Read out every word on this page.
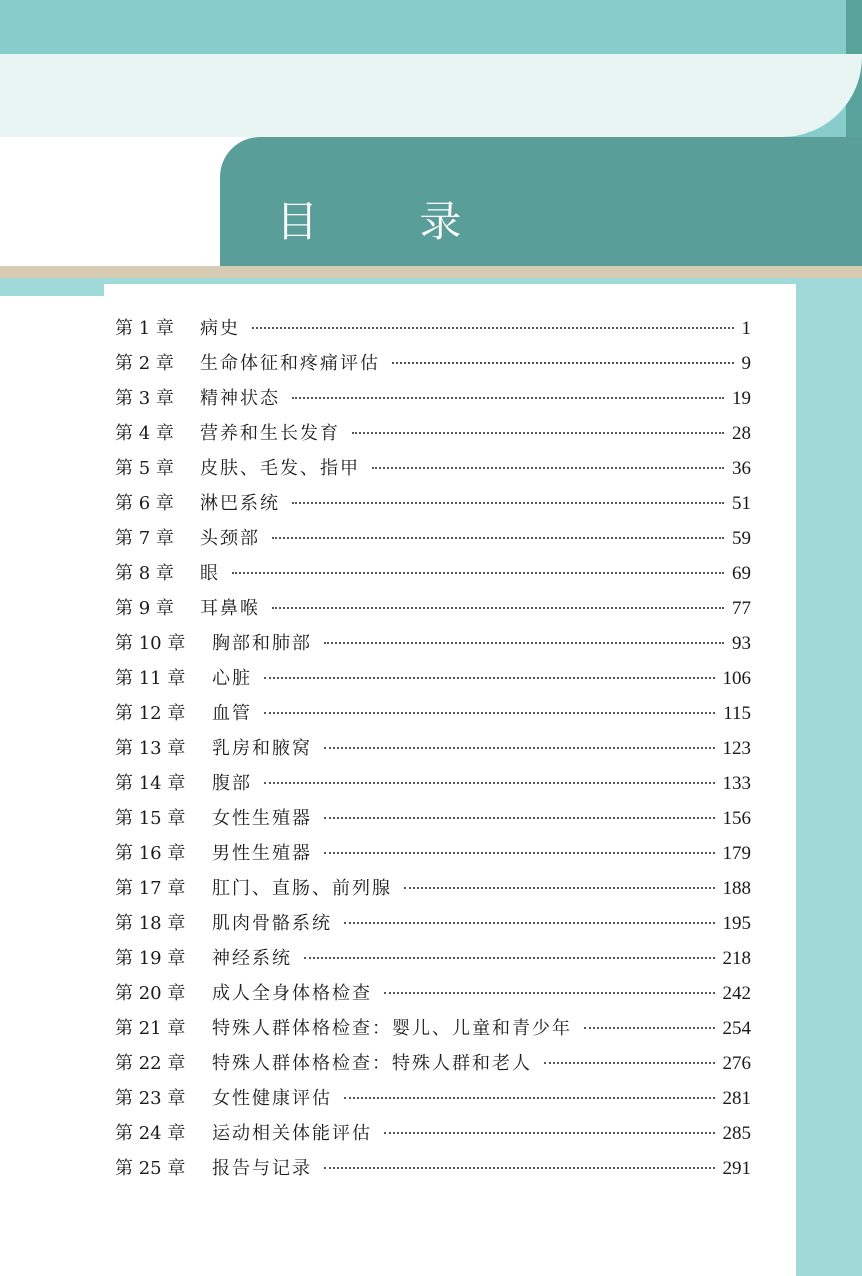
目 录
第 1 章	病史	1
第 2 章	生命体征和疼痛评估	9
第 3 章	精神状态	19
第 4 章	营养和生长发育	28
第 5 章	皮肤、毛发、指甲	36
第 6 章	淋巴系统	51
第 7 章	头颈部	59
第 8 章	眼	69
第 9 章	耳鼻喉	77
第 10 章	胸部和肺部	93
第 11 章	心脏	106
第 12 章	血管	115
第 13 章	乳房和腋窝	123
第 14 章	腹部	133
第 15 章	女性生殖器	156
第 16 章	男性生殖器	179
第 17 章	肛门、直肠、前列腺	188
第 18 章	肌肉骨骼系统	195
第 19 章	神经系统	218
第 20 章	成人全身体格检查	242
第 21 章	特殊人群体格检查：婴儿、儿童和青少年	254
第 22 章	特殊人群体格检查：特殊人群和老人	276
第 23 章	女性健康评估	281
第 24 章	运动相关体能评估	285
第 25 章	报告与记录	291
